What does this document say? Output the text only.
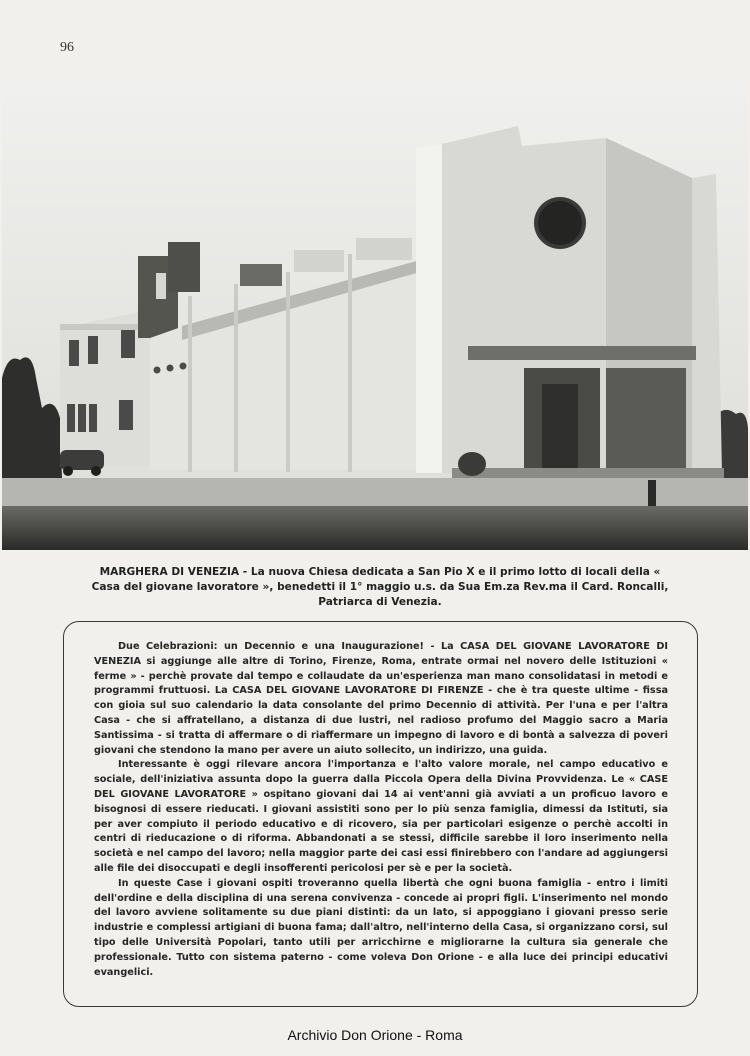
96
MARGHERA DI VENEZIA - La nuova Chiesa dedicata a San Pio X e il primo lotto di locali della « Casa del giovane lavoratore », benedetti il 1° maggio u.s. da Sua Em.za Rev.ma il Card. Roncalli, Patriarca di Venezia.

Due Celebrazioni: un Decennio e una Inaugurazione! - La CASA DEL GIOVANE LAVORATORE DI VENEZIA si aggiunge alle altre di Torino, Firenze, Roma, entrate ormai nel novero delle Istituzioni « ferme » - perchè provate dal tempo e collaudate da un'esperienza man mano consolidatasi in metodi e programmi fruttuosi. La CASA DEL GIOVANE LAVORATORE DI FIRENZE - che è tra queste ultime - fissa con gioia sul suo calendario la data consolante del primo Decennio di attività. Per l'una e per l'altra Casa - che si affratellano, a distanza di due lustri, nel radioso profumo del Maggio sacro a Maria Santissima - si tratta di affermare o di riaffermare un impegno di lavoro e di bontà a salvezza di poveri giovani che stendono la mano per avere un aiuto sollecito, un indirizzo, una guida.

Interessante è oggi rilevare ancora l'importanza e l'alto valore morale, nel campo educativo e sociale, dell'iniziativa assunta dopo la guerra dalla Piccola Opera della Divina Provvidenza. Le « CASE DEL GIOVANE LAVORATORE » ospitano giovani dai 14 ai vent'anni già avviati a un proficuo lavoro e bisognosi di essere rieducati. I giovani assistiti sono per lo più senza famiglia, dimessi da Istituti, sia per aver compiuto il periodo educativo e di ricovero, sia per particolari esigenze o perchè accolti in centri di rieducazione o di riforma. Abbandonati a se stessi, difficile sarebbe il loro inserimento nella società e nel campo del lavoro; nella maggior parte dei casi essi finirebbero con l'andare ad aggiungersi alle file dei disoccupati e degli insofferenti pericolosi per sè e per la società.

In queste Case i giovani ospiti troveranno quella libertà che ogni buona famiglia - entro i limiti dell'ordine e della disciplina di una serena convivenza - concede ai propri figli. L'inserimento nel mondo del lavoro avviene solitamente su due piani distinti: da un lato, si appoggiano i giovani presso serie industrie e complessi artigiani di buona fama; dall'altro, nell'interno della Casa, si organizzano corsi, sul tipo delle Università Popolari, tanto utili per arricchirne e migliorarne la cultura sia generale che professionale. Tutto con sistema paterno - come voleva Don Orione - e alla luce dei principi educativi evangelici.

Archivio Don Orione - Roma
